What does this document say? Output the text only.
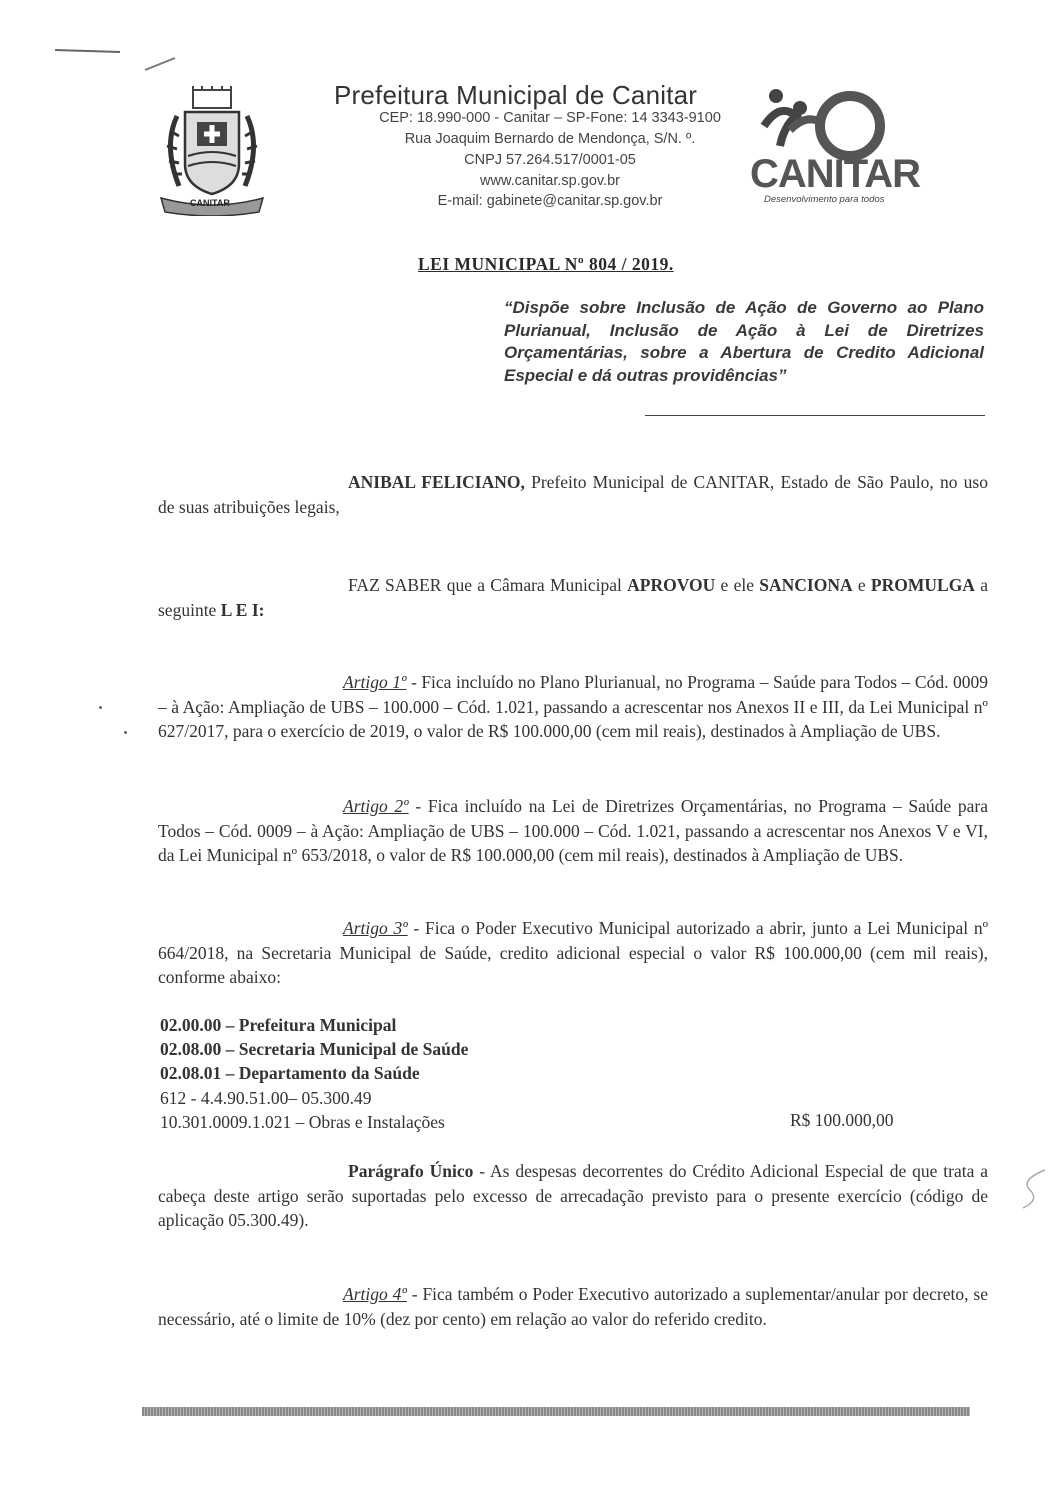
CANITAR
Prefeitura Municipal de Canitar
CEP: 18.990-000 - Canitar – SP-Fone: 14 3343-9100
Rua Joaquim Bernardo de Mendonça, S/N. º.
CNPJ 57.264.517/0001-05
www.canitar.sp.gov.br
E-mail: gabinete@canitar.sp.gov.br
CANITAR
Desenvolvimento para todos
LEI MUNICIPAL Nº 804 / 2019.
“Dispõe sobre Inclusão de Ação de Governo ao Plano Plurianual, Inclusão de Ação à Lei de Diretrizes Orçamentárias, sobre a Abertura de Credito Adicional Especial e dá outras providências”
ANIBAL FELICIANO, Prefeito Municipal de CANITAR, Estado de São Paulo, no uso de suas atribuições legais,
FAZ SABER que a Câmara Municipal APROVOU e ele SANCIONA e PROMULGA a seguinte L E I:
Artigo 1º - Fica incluído no Plano Plurianual, no Programa – Saúde para Todos – Cód. 0009 – à Ação: Ampliação de UBS – 100.000 – Cód. 1.021, passando a acrescentar nos Anexos II e III, da Lei Municipal nº 627/2017, para o exercício de 2019, o valor de R$ 100.000,00 (cem mil reais), destinados à Ampliação de UBS.
Artigo 2º - Fica incluído na Lei de Diretrizes Orçamentárias, no Programa – Saúde para Todos – Cód. 0009 – à Ação: Ampliação de UBS – 100.000 – Cód. 1.021, passando a acrescentar nos Anexos V e VI, da Lei Municipal nº 653/2018, o valor de R$ 100.000,00 (cem mil reais), destinados à Ampliação de UBS.
Artigo 3º - Fica o Poder Executivo Municipal autorizado a abrir, junto a Lei Municipal nº 664/2018, na Secretaria Municipal de Saúde, credito adicional especial o valor R$ 100.000,00 (cem mil reais), conforme abaixo:
02.00.00 – Prefeitura Municipal
02.08.00 – Secretaria Municipal de Saúde
02.08.01 – Departamento da Saúde
612 - 4.4.90.51.00– 05.300.49
10.301.0009.1.021 – Obras e Instalações	R$ 100.000,00
Parágrafo Único - As despesas decorrentes do Crédito Adicional Especial de que trata a cabeça deste artigo serão suportadas pelo excesso de arrecadação previsto para o presente exercício (código de aplicação 05.300.49).
Artigo 4º - Fica também o Poder Executivo autorizado a suplementar/anular por decreto, se necessário, até o limite de 10% (dez por cento) em relação ao valor do referido credito.
